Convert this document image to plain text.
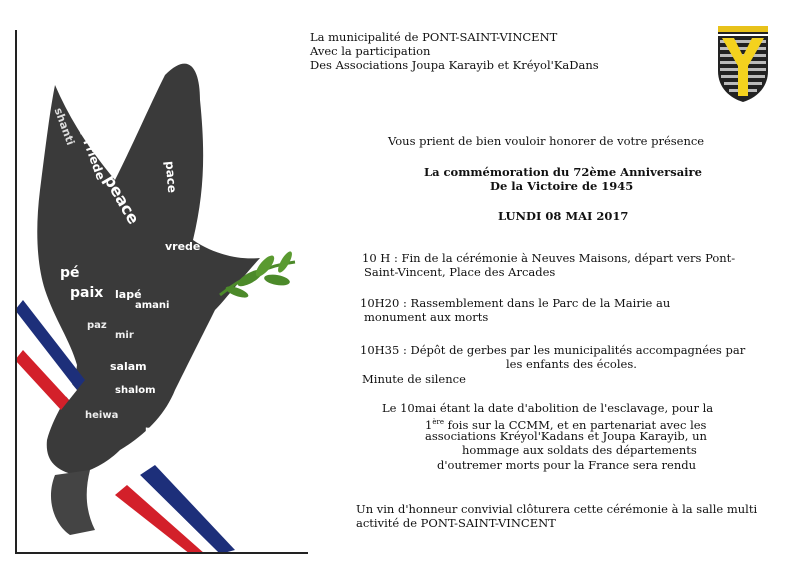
peace
paix
der Friede
shanti
pace
paz
mir
salam
vrede
heiwa
shalom
amani
pé
lapé
pax
La municipalité de PONT-SAINT-VINCENT
Avec la participation
Des Associations Joupa Karayib et Kréyol'KaDans
Vous prient de bien vouloir honorer de votre présence
La commémoration du 72ème Anniversaire
De la Victoire de 1945
LUNDI 08 MAI 2017
10 H : Fin de la cérémonie à Neuves Maisons, départ vers Pont-
Saint-Vincent, Place des Arcades
10H20 : Rassemblement dans le Parc de la Mairie au
monument aux morts
10H35 : Dépôt de gerbes par les municipalités accompagnées par
les enfants des écoles.
Minute de silence
Le 10mai étant la date d'abolition de l'esclavage, pour la
1ère fois sur la CCMM, et en partenariat avec les
associations Kréyol'Kadans et Joupa Karayib, un
hommage aux soldats des départements
d'outremer morts pour la France sera rendu
Un vin d'honneur convivial clôturera cette cérémonie à la salle multi
activité de PONT-SAINT-VINCENT
